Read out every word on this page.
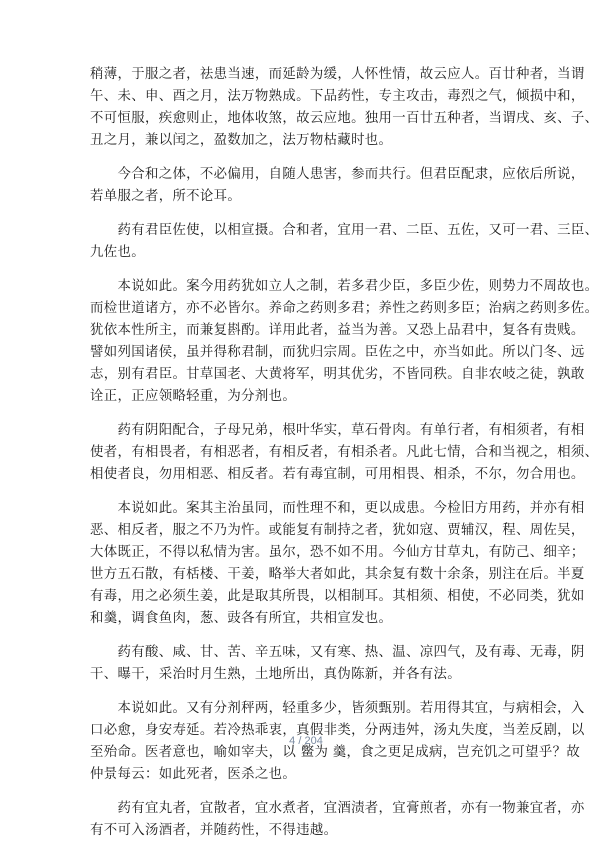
稍薄，于服之者，祛患当速，而延龄为缓，人怀性情，故云应人。百廿种者，当谓
午、未、申、酉之月，法万物熟成。下品药性，专主攻击，毒烈之气，倾损中和，
不可恒服，疾愈则止，地体收煞，故云应地。独用一百廿五种者，当谓戌、亥、子、
丑之月，兼以闰之，盈数加之，法万物枯藏时也。
　　今合和之体，不必偏用，自随人患害，参而共行。但君臣配隶，应依后所说，
若单服之者，所不论耳。
　　药有君臣佐使，以相宣摄。合和者，宜用一君、二臣、五佐，又可一君、三臣、
九佐也。
　　本说如此。案今用药犹如立人之制，若多君少臣，多臣少佐，则势力不周故也。
而检世道诸方，亦不必皆尔。养命之药则多君；养性之药则多臣；治病之药则多佐。
犹依本性所主，而兼复斟酌。详用此者，益当为善。又恐上品君中，复各有贵贱。
譬如列国诸侯，虽并得称君制，而犹归宗周。臣佐之中，亦当如此。所以门冬、远
志，别有君臣。甘草国老、大黄将军，明其优劣，不皆同秩。自非农岐之徒，孰敢
诠正，正应领略轻重，为分剂也。
　　药有阴阳配合，子母兄弟，根叶华实，草石骨肉。有单行者，有相须者，有相
使者，有相畏者，有相恶者，有相反者，有相杀者。凡此七情，合和当视之，相须、
相使者良，勿用相恶、相反者。若有毒宜制，可用相畏、相杀，不尔，勿合用也。
　　本说如此。案其主治虽同，而性理不和，更以成患。今检旧方用药，并亦有相
恶、相反者，服之不乃为忤。或能复有制持之者，犹如寇、贾辅汉，程、周佐吴，
大体既正，不得以私情为害。虽尔，恐不如不用。今仙方甘草丸，有防己、细辛；
世方五石散，有栝楼、干姜，略举大者如此，其余复有数十余条，别注在后。半夏
有毒，用之必须生姜，此是取其所畏，以相制耳。其相须、相使，不必同类，犹如
和羹，调食鱼肉，葱、豉各有所宜，共相宣发也。
　　药有酸、咸、甘、苦、辛五味，又有寒、热、温、凉四气，及有毒、无毒，阴
干、曝干，采治时月生熟，土地所出，真伪陈新，并各有法。
　　本说如此。又有分剂秤两，轻重多少，皆须甄别。若用得其宜，与病相会，入
口必愈，身安寿延。若冷热乖衷，真假非类，分两违舛，汤丸失度，当差反剧，以
至殆命。医者意也，喻如宰夫，以 鳖为 羹，食之更足成病，岂充饥之可望乎？故
仲景每云：如此死者，医杀之也。
　　药有宜丸者，宜散者，宜水煮者，宜酒渍者，宜膏煎者，亦有一物兼宜者，亦
有不可入汤酒者，并随药性，不得违越。
4 / 204
